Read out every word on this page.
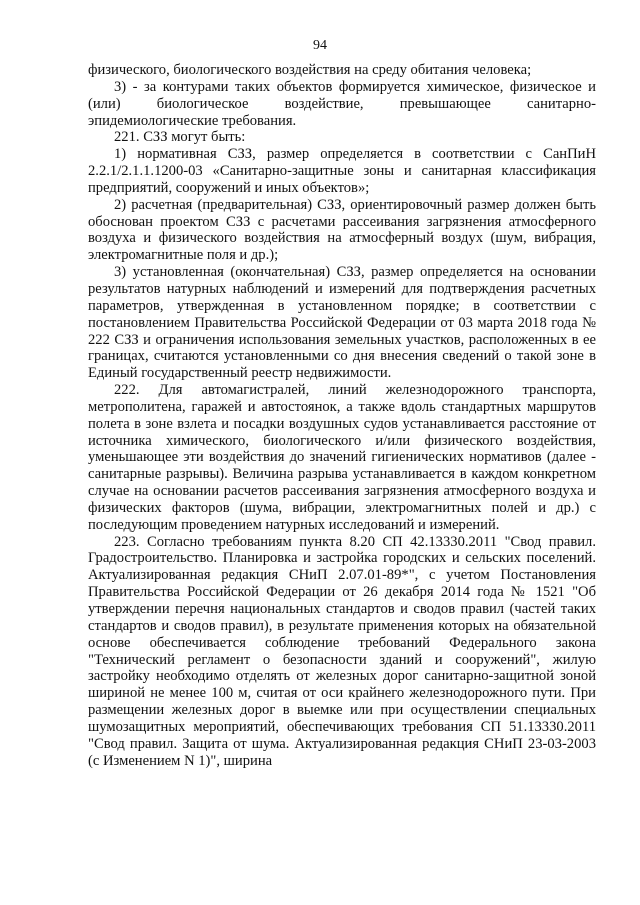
94

физического, биологического воздействия на среду обитания человека;

3) - за контурами таких объектов формируется химическое, физическое и (или) биологическое воздействие, превышающее санитарно-эпидемиологические требования.

221. СЗЗ могут быть:

1) нормативная СЗЗ, размер определяется в соответствии с СанПиН 2.2.1/2.1.1.1200-03 «Санитарно-защитные зоны и санитарная классификация предприятий, сооружений и иных объектов»;

2) расчетная (предварительная) СЗЗ, ориентировочный размер должен быть обоснован проектом СЗЗ с расчетами рассеивания загрязнения атмосферного воздуха и физического воздействия на атмосферный воздух (шум, вибрация, электромагнитные поля и др.);

3) установленная (окончательная) СЗЗ, размер определяется на основании результатов натурных наблюдений и измерений для подтверждения расчетных параметров, утвержденная в установленном порядке; в соответствии с постановлением Правительства Российской Федерации от 03 марта 2018 года № 222 СЗЗ и ограничения использования земельных участков, расположенных в ее границах, считаются установленными со дня внесения сведений о такой зоне в Единый государственный реестр недвижимости.

222. Для автомагистралей, линий железнодорожного транспорта, метрополитена, гаражей и автостоянок, а также вдоль стандартных маршрутов полета в зоне взлета и посадки воздушных судов устанавливается расстояние от источника химического, биологического и/или физического воздействия, уменьшающее эти воздействия до значений гигиенических нормативов (далее - санитарные разрывы). Величина разрыва устанавливается в каждом конкретном случае на основании расчетов рассеивания загрязнения атмосферного воздуха и физических факторов (шума, вибрации, электромагнитных полей и др.) с последующим проведением натурных исследований и измерений.

223. Согласно требованиям пункта 8.20 СП 42.13330.2011 "Свод правил. Градостроительство. Планировка и застройка городских и сельских поселений. Актуализированная редакция СНиП 2.07.01-89*", с учетом Постановления Правительства Российской Федерации от 26 декабря 2014 года № 1521 "Об утверждении перечня национальных стандартов и сводов правил (частей таких стандартов и сводов правил), в результате применения которых на обязательной основе обеспечивается соблюдение требований Федерального закона "Технический регламент о безопасности зданий и сооружений", жилую застройку необходимо отделять от железных дорог санитарно-защитной зоной шириной не менее 100 м, считая от оси крайнего железнодорожного пути. При размещении железных дорог в выемке или при осуществлении специальных шумозащитных мероприятий, обеспечивающих требования СП 51.13330.2011 "Свод правил. Защита от шума. Актуализированная редакция СНиП 23-03-2003 (с Изменением N 1)", ширина
